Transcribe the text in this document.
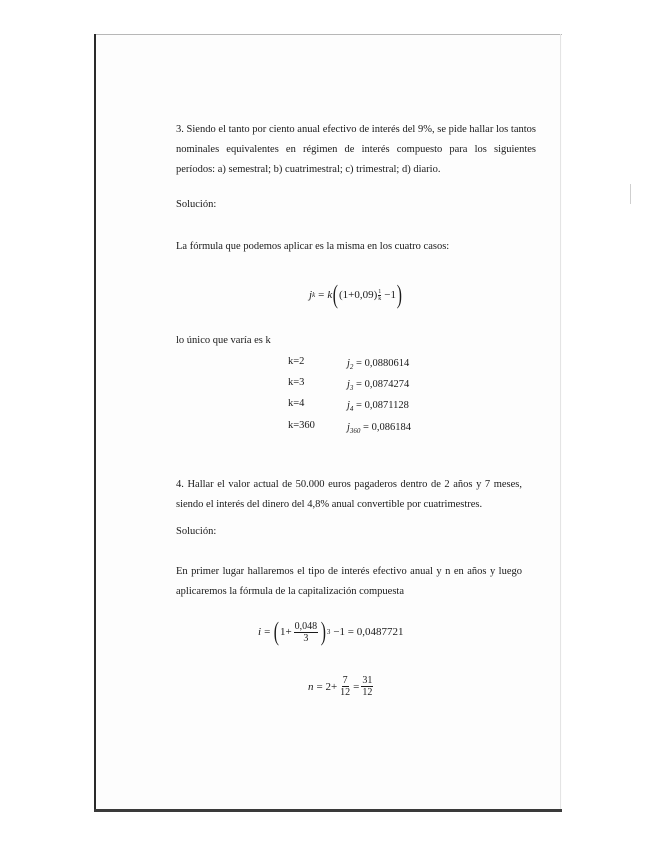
3. Siendo el tanto por ciento anual efectivo de interés del 9%, se pide hallar los tantos nominales equivalentes en régimen de interés compuesto para los siguientes períodos: a) semestral; b) cuatrimestral; c) trimestral; d) diario.
Solución:
La fórmula que podemos aplicar es la misma en los cuatro casos:
j k = k ( $(1+0,09) \frac{1}{k} -1$ )
lo único que varía es k
k=2	$j_2 = 0,0880614$
k=3	$j_3 = 0,0874274$
k=4	$j_4 = 0,0871128$
k=360	$j_{360} = 0,086184$
4. Hallar el valor actual de 50.000 euros pagaderos dentro de 2 años y 7 meses, siendo el interés del dinero del 4,8% anual convertible por cuatrimestres.
Solución:
En primer lugar hallaremos el tipo de interés efectivo anual y n en años y luego aplicaremos la fórmula de la capitalización compuesta
i = ( $1+ \frac{0,048}{3}$ ) 3 −1 = 0,0487721
$n = 2+ \frac{7}{12} = \frac{31}{12}$
